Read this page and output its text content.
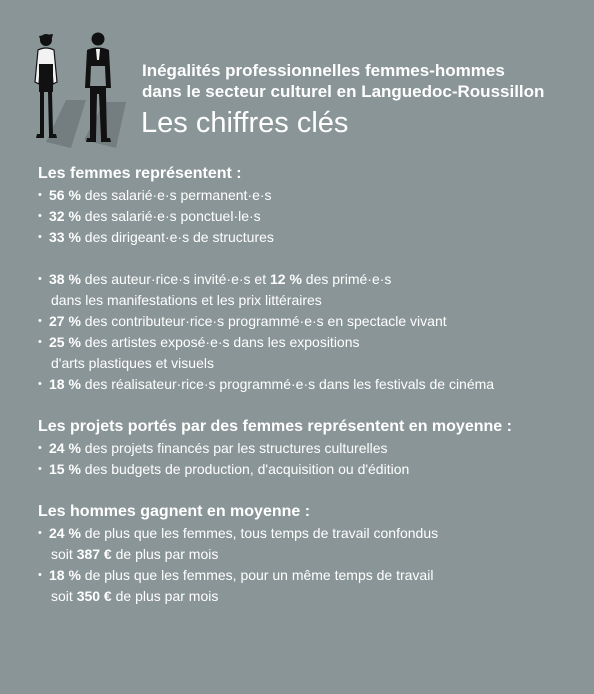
Inégalités professionnelles femmes-hommes
dans le secteur culturel en Languedoc-Roussillon

Les chiffres clés

Les femmes représentent :

• 56 % des salarié·e·s permanent·e·s
• 32 % des salarié·e·s ponctuel·le·s
• 33 % des dirigeant·e·s de structures
• 38 % des auteur·rice·s invité·e·s et 12 % des primé·e·s
dans les manifestations et les prix littéraires
• 27 % des contributeur·rice·s programmé·e·s en spectacle vivant
• 25 % des artistes exposé·e·s dans les expositions
d'arts plastiques et visuels
• 18 % des réalisateur·rice·s programmé·e·s dans les festivals de cinéma

Les projets portés par des femmes représentent en moyenne :

• 24 % des projets financés par les structures culturelles
• 15 % des budgets de production, d'acquisition ou d'édition

Les hommes gagnent en moyenne :

• 24 % de plus que les femmes, tous temps de travail confondus
soit 387 € de plus par mois
• 18 % de plus que les femmes, pour un même temps de travail
soit 350 € de plus par mois
